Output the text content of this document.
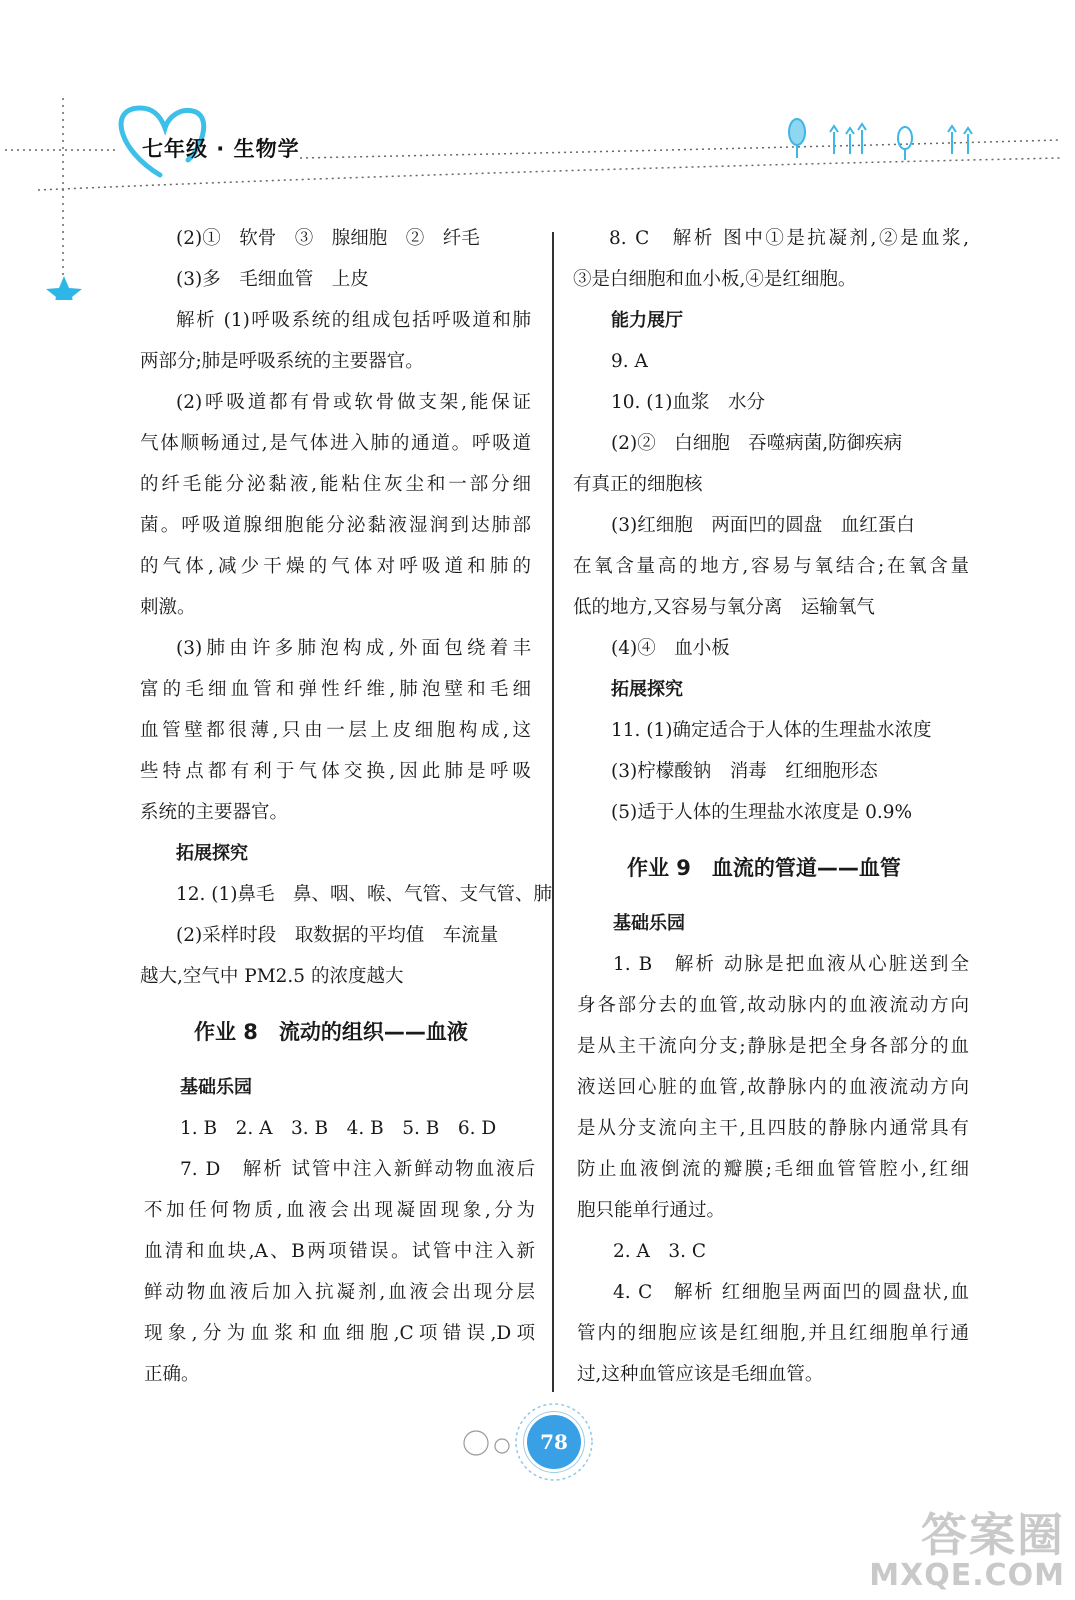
七年级 · 生物学
(2)①　软骨　③　腺细胞　②　纤毛
(3)多　毛细血管　上皮
解析 (1)呼吸系统的组成包括呼吸道和肺
两部分;肺是呼吸系统的主要器官。
(2)呼吸道都有骨或软骨做支架,能保证
气体顺畅通过,是气体进入肺的通道。呼吸道
的纤毛能分泌黏液,能粘住灰尘和一部分细
菌。呼吸道腺细胞能分泌黏液湿润到达肺部
的气体,减少干燥的气体对呼吸道和肺的
刺激。
(3)肺由许多肺泡构成,外面包绕着丰
富的毛细血管和弹性纤维,肺泡壁和毛细
血管壁都很薄,只由一层上皮细胞构成,这
些特点都有利于气体交换,因此肺是呼吸
系统的主要器官。
拓展探究
12. (1)鼻毛　鼻、咽、喉、气管、支气管、肺
(2)采样时段　取数据的平均值　车流量
越大,空气中 PM2.5 的浓度越大
作业 8　流动的组织——血液
基础乐园
1. B　2. A　3. B　4. B　5. B　6. D
7. D　解析 试管中注入新鲜动物血液后
不加任何物质,血液会出现凝固现象,分为
血清和血块,A、B两项错误。试管中注入新
鲜动物血液后加入抗凝剂,血液会出现分层
现象,分为血浆和血细胞,C项错误,D项
正确。
8. C　解析 图中①是抗凝剂,②是血浆,
③是白细胞和血小板,④是红细胞。
能力展厅
9. A
10. (1)血浆　水分
(2)②　白细胞　吞噬病菌,防御疾病
有真正的细胞核
(3)红细胞　两面凹的圆盘　血红蛋白
在氧含量高的地方,容易与氧结合;在氧含量
低的地方,又容易与氧分离　运输氧气
(4)④　血小板
拓展探究
11. (1)确定适合于人体的生理盐水浓度
(3)柠檬酸钠　消毒　红细胞形态
(5)适于人体的生理盐水浓度是 0.9%
作业 9　血流的管道——血管
基础乐园
1. B　解析 动脉是把血液从心脏送到全
身各部分去的血管,故动脉内的血液流动方向
是从主干流向分支;静脉是把全身各部分的血
液送回心脏的血管,故静脉内的血液流动方向
是从分支流向主干,且四肢的静脉内通常具有
防止血液倒流的瓣膜;毛细血管管腔小,红细
胞只能单行通过。
2. A　3. C
4. C　解析 红细胞呈两面凹的圆盘状,血
管内的细胞应该是红细胞,并且红细胞单行通
过,这种血管应该是毛细血管。
78
答案圈
MXQE.COM
